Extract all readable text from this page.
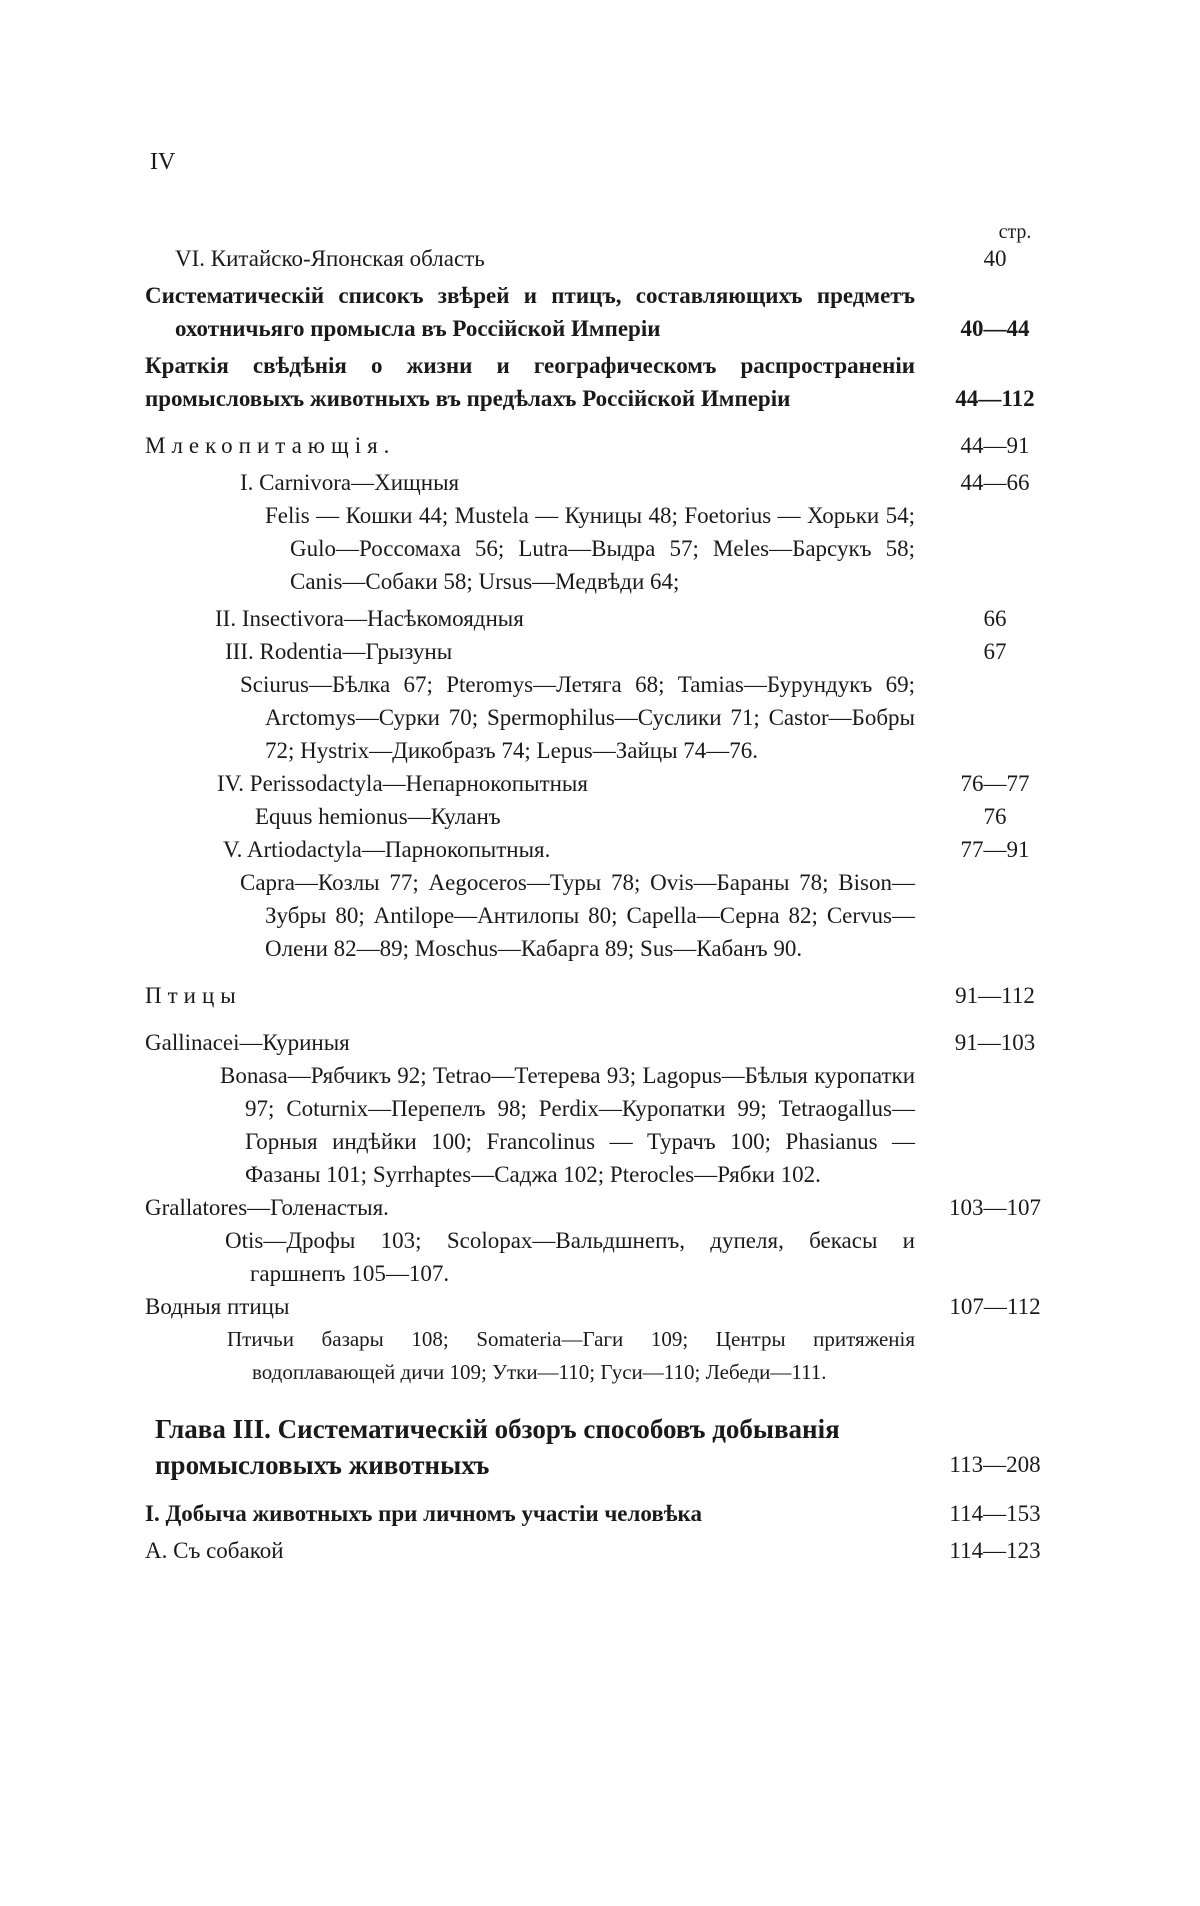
IV
стр.
VI. Китайско-Японская область	40
Систематическій списокъ звѣрей и птицъ, составляющихъ предметъ охотничьяго промысла въ Россійской Имперіи	40—44
Краткія свѣдѣнія о жизни и географическомъ распространеніи промысловыхъ животныхъ въ предѣлахъ Россійской Имперіи	44—112
Млекопитающія.	44—91
I. Carnivora—Хищныя	44—66
Felis — Кошки 44; Mustela — Куницы 48; Foetorius — Хорьки 54; Gulo—Россомаха 56; Lutra—Выдра 57; Meles—Барсукъ 58; Canis—Собаки 58; Ursus—Медвѣди 64;
II. Insectivora—Насѣкомоядныя	66
III. Rodentia—Грызуны	67
Sciurus—Бѣлка 67; Pteromys—Летяга 68; Tamias—Бурундукъ 69; Arctomys—Сурки 70; Spermophilus—Суслики 71; Castor—Бобры 72; Hystrix—Дикобразъ 74; Lepus—Зайцы 74—76.
IV. Perissodactyla—Непарнокопытныя	76—77
Equus hemionus—Куланъ	76
V. Artiodactyla—Парнокопытныя.	77—91
Capra—Козлы 77; Aegoceros—Туры 78; Ovis—Бараны 78; Bison—Зубры 80; Antilope—Антилопы 80; Capella—Серна 82; Cervus—Олени 82—89; Moschus—Кабарга 89; Sus—Кабанъ 90.
Птицы	91—112
Gallinacei—Куриныя	91—103
Bonasa—Рябчикъ 92; Tetrao—Тетерева 93; Lagopus—Бѣлыя куропатки 97; Coturnix—Перепелъ 98; Perdix—Куропатки 99; Tetraogallus—Горныя индѣйки 100; Francolinus — Турачъ 100; Phasianus — Фазаны 101; Syrrhaptes—Саджа 102; Pterocles—Рябки 102.
Grallatores—Голенастыя.	103—107
Otis—Дрофы 103; Scolopax—Вальдшнепъ, дупеля, бекасы и гаршнепъ 105—107.
Водныя птицы	107—112
Птичьи базары 108; Somateria—Гаги 109; Центры притяженія водоплавающей дичи 109; Утки—110; Гуси—110; Лебеди—111.
Глава III. Систематическій обзоръ способовъ добыванія промысловыхъ животныхъ	113—208
I. Добыча животныхъ при личномъ участіи человѣка	114—153
А. Съ собакой	114—123
